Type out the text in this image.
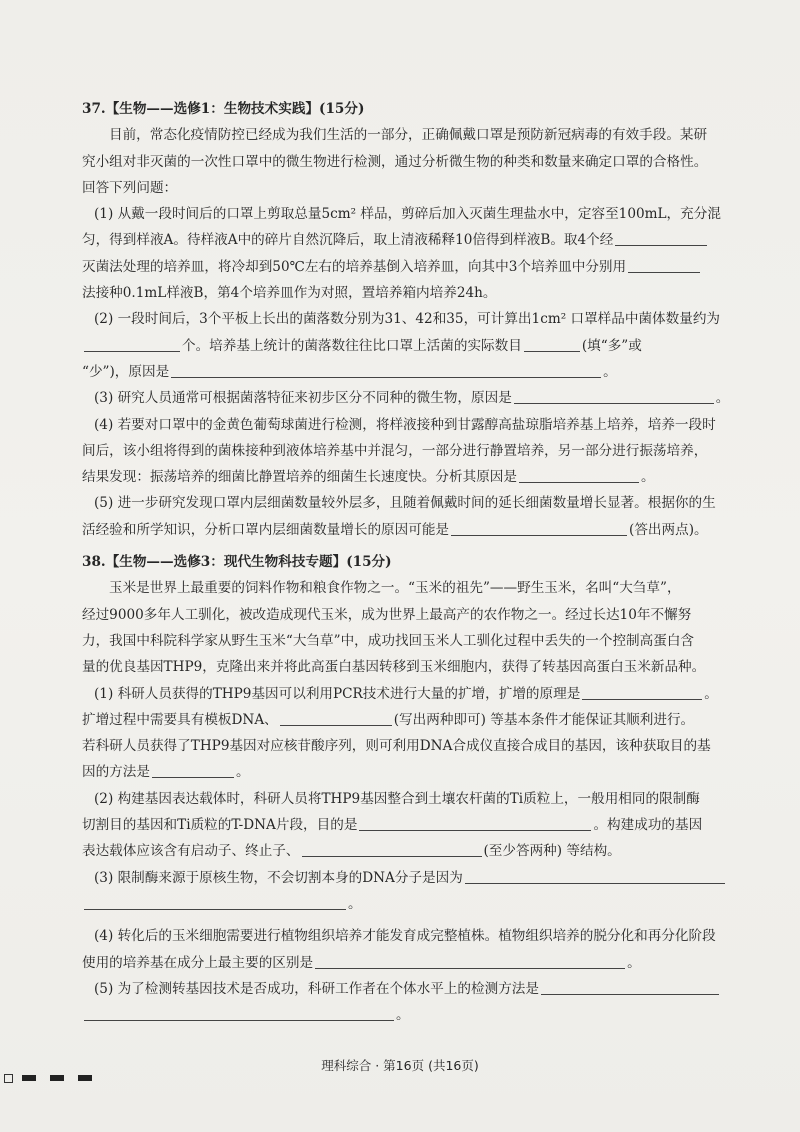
37.【生物——选修1：生物技术实践】(15分)
目前，常态化疫情防控已经成为我们生活的一部分，正确佩戴口罩是预防新冠病毒的有效手段。某研
究小组对非灭菌的一次性口罩中的微生物进行检测，通过分析微生物的种类和数量来确定口罩的合格性。
回答下列问题：
(1) 从戴一段时间后的口罩上剪取总量5cm² 样品，剪碎后加入灭菌生理盐水中，定容至100mL，充分混
匀，得到样液A。待样液A中的碎片自然沉降后，取上清液稀释10倍得到样液B。取4个经
灭菌法处理的培养皿，将冷却到50℃左右的培养基倒入培养皿，向其中3个培养皿中分别用
法接种0.1mL样液B，第4个培养皿作为对照，置培养箱内培养24h。
(2) 一段时间后，3个平板上长出的菌落数分别为31、42和35，可计算出1cm² 口罩样品中菌体数量约为
个。培养基上统计的菌落数往往比口罩上活菌的实际数目	(填“多”或
“少”)，原因是	。
(3) 研究人员通常可根据菌落特征来初步区分不同种的微生物，原因是	。
(4) 若要对口罩中的金黄色葡萄球菌进行检测，将样液接种到甘露醇高盐琼脂培养基上培养，培养一段时
间后，该小组将得到的菌株接种到液体培养基中并混匀，一部分进行静置培养，另一部分进行振荡培养，
结果发现：振荡培养的细菌比静置培养的细菌生长速度快。分析其原因是	。
(5) 进一步研究发现口罩内层细菌数量较外层多，且随着佩戴时间的延长细菌数量增长显著。根据你的生
活经验和所学知识，分析口罩内层细菌数量增长的原因可能是	(答出两点)。
38.【生物——选修3：现代生物科技专题】(15分)
玉米是世界上最重要的饲料作物和粮食作物之一。“玉米的祖先”——野生玉米，名叫“大刍草”，
经过9000多年人工驯化，被改造成现代玉米，成为世界上最高产的农作物之一。经过长达10年不懈努
力，我国中科院科学家从野生玉米“大刍草”中，成功找回玉米人工驯化过程中丢失的一个控制高蛋白含
量的优良基因THP9，克隆出来并将此高蛋白基因转移到玉米细胞内，获得了转基因高蛋白玉米新品种。
(1) 科研人员获得的THP9基因可以利用PCR技术进行大量的扩增，扩增的原理是	。
扩增过程中需要具有模板DNA、	(写出两种即可) 等基本条件才能保证其顺利进行。
若科研人员获得了THP9基因对应核苷酸序列，则可利用DNA合成仪直接合成目的基因，该种获取目的基
因的方法是	。
(2) 构建基因表达载体时，科研人员将THP9基因整合到土壤农杆菌的Ti质粒上，一般用相同的限制酶
切割目的基因和Ti质粒的T-DNA片段，目的是	。构建成功的基因
表达载体应该含有启动子、终止子、	(至少答两种) 等结构。
(3) 限制酶来源于原核生物，不会切割本身的DNA分子是因为
。
(4) 转化后的玉米细胞需要进行植物组织培养才能发育成完整植株。植物组织培养的脱分化和再分化阶段
使用的培养基在成分上最主要的区别是	。
(5) 为了检测转基因技术是否成功，科研工作者在个体水平上的检测方法是
。
理科综合 · 第16页 (共16页)
